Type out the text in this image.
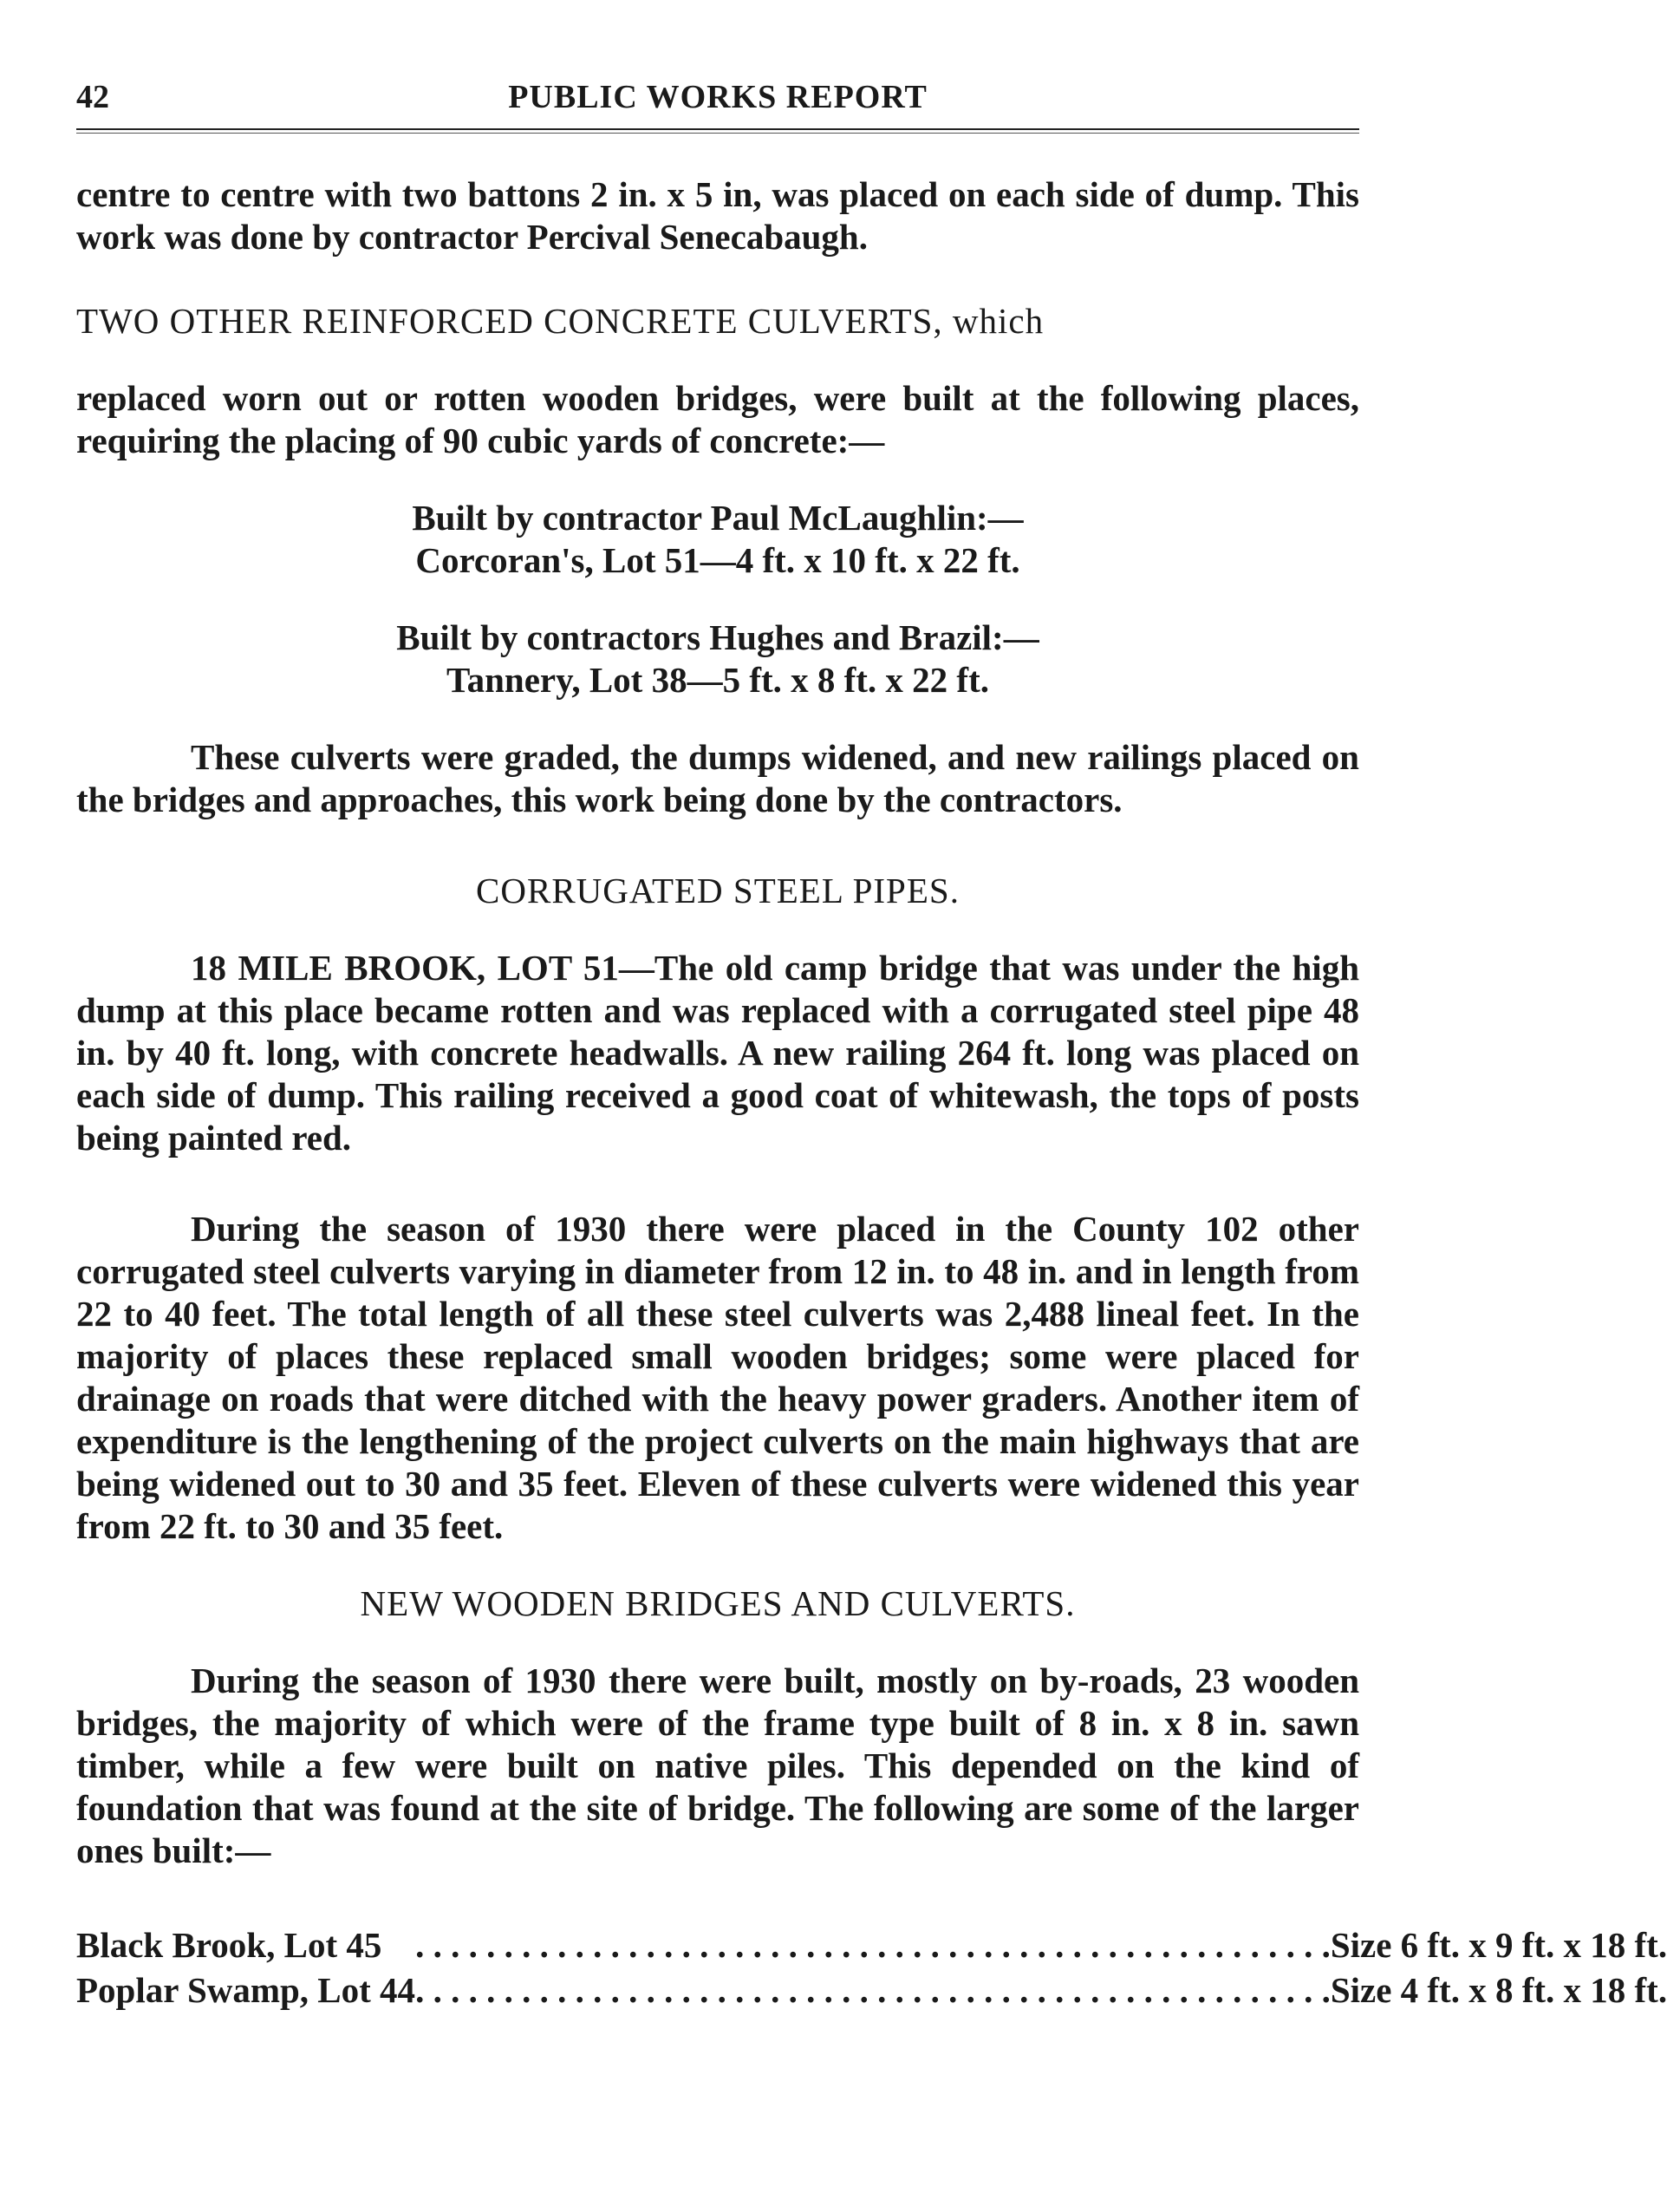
42	PUBLIC WORKS REPORT

centre to centre with two battons 2 in. x 5 in, was placed on each side of dump. This work was done by contractor Percival Senecabaugh.

TWO OTHER REINFORCED CONCRETE CULVERTS, which

replaced worn out or rotten wooden bridges, were built at the following places, requiring the placing of 90 cubic yards of concrete:—

Built by contractor Paul McLaughlin:—

Corcoran's, Lot 51—4 ft. x 10 ft. x 22 ft.

Built by contractors Hughes and Brazil:—

Tannery, Lot 38—5 ft. x 8 ft. x 22 ft.

These culverts were graded, the dumps widened, and new railings placed on the bridges and approaches, this work being done by the contractors.

CORRUGATED STEEL PIPES.

18 MILE BROOK, LOT 51—The old camp bridge that was under the high dump at this place became rotten and was replaced with a corrugated steel pipe 48 in. by 40 ft. long, with concrete headwalls. A new railing 264 ft. long was placed on each side of dump. This railing received a good coat of whitewash, the tops of posts being painted red.

During the season of 1930 there were placed in the County 102 other corrugated steel culverts varying in diameter from 12 in. to 48 in. and in length from 22 to 40 feet. The total length of all these steel culverts was 2,488 lineal feet. In the majority of places these replaced small wooden bridges; some were placed for drainage on roads that were ditched with the heavy power graders. Another item of expenditure is the lengthening of the project culverts on the main highways that are being widened out to 30 and 35 feet. Eleven of these culverts were widened this year from 22 ft. to 30 and 35 feet.

NEW WOODEN BRIDGES AND CULVERTS.

During the season of 1930 there were built, mostly on by-roads, 23 wooden bridges, the majority of which were of the frame type built of 8 in. x 8 in. sawn timber, while a few were built on native piles. This depended on the kind of foundation that was found at the site of bridge. The following are some of the larger ones built:—

Black Brook, Lot 45	. . .	Size 6 ft. x 9 ft. x 18 ft.
Poplar Swamp, Lot 44	. . .	Size 4 ft. x 8 ft. x 18 ft.
